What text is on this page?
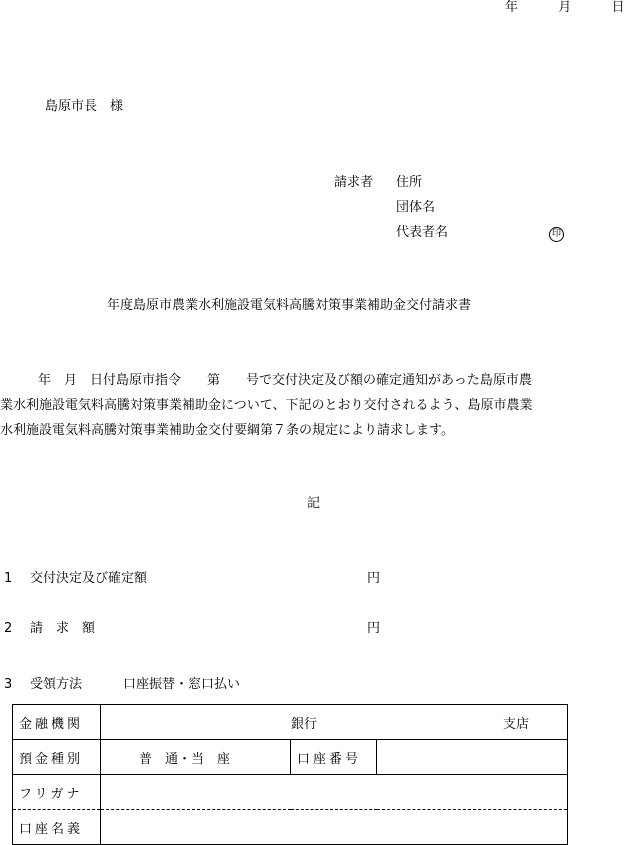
年	月	日
島原市長　様
請求者 住所
団体名
代表者名	印
年度島原市農業水利施設電気料高騰対策事業補助金交付請求書
年　月　日付島原市指令　　第　　号で交付決定及び額の確定通知があった島原市農
業水利施設電気料高騰対策事業補助金について、下記のとおり交付されるよう、島原市農業
水利施設電気料高騰対策事業補助金交付要綱第７条の規定により請求します。
記
1 交付決定及び確定額	円
2 請　求　額	円
3 受領方法	口座振替・窓口払い
金融機関	銀行 支店		
預金種別	普　通・当　座	口座番号	
フリガナ			
口座名義			
